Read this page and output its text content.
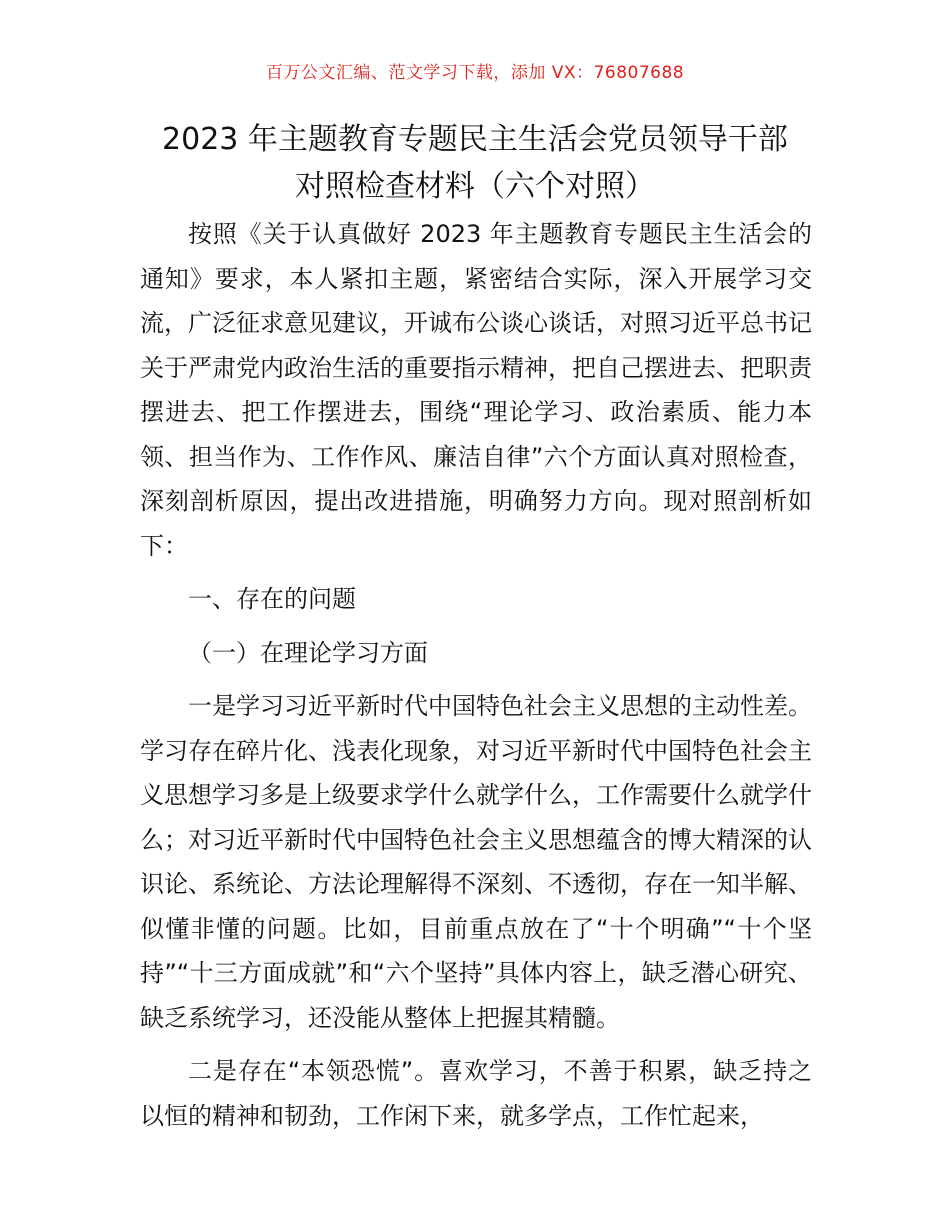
百万公文汇编、范文学习下载，添加 VX：76807688
2023 年主题教育专题民主生活会党员领导干部
对照检查材料（六个对照）

按照《关于认真做好 2023 年主题教育专题民主生活会的通知》要求，本人紧扣主题，紧密结合实际，深入开展学习交流，广泛征求意见建议，开诚布公谈心谈话，对照习近平总书记关于严肃党内政治生活的重要指示精神，把自己摆进去、把职责摆进去、把工作摆进去，围绕“理论学习、政治素质、能力本领、担当作为、工作作风、廉洁自律”六个方面认真对照检查，深刻剖析原因，提出改进措施，明确努力方向。现对照剖析如下：

一、存在的问题

（一）在理论学习方面

一是学习习近平新时代中国特色社会主义思想的主动性差。学习存在碎片化、浅表化现象，对习近平新时代中国特色社会主义思想学习多是上级要求学什么就学什么，工作需要什么就学什么；对习近平新时代中国特色社会主义思想蕴含的博大精深的认识论、系统论、方法论理解得不深刻、不透彻，存在一知半解、似懂非懂的问题。比如，目前重点放在了“十个明确”“十个坚持”“十三方面成就”和“六个坚持”具体内容上，缺乏潜心研究、缺乏系统学习，还没能从整体上把握其精髓。

二是存在“本领恐慌”。喜欢学习，不善于积累，缺乏持之以恒的精神和韧劲，工作闲下来，就多学点，工作忙起来，
